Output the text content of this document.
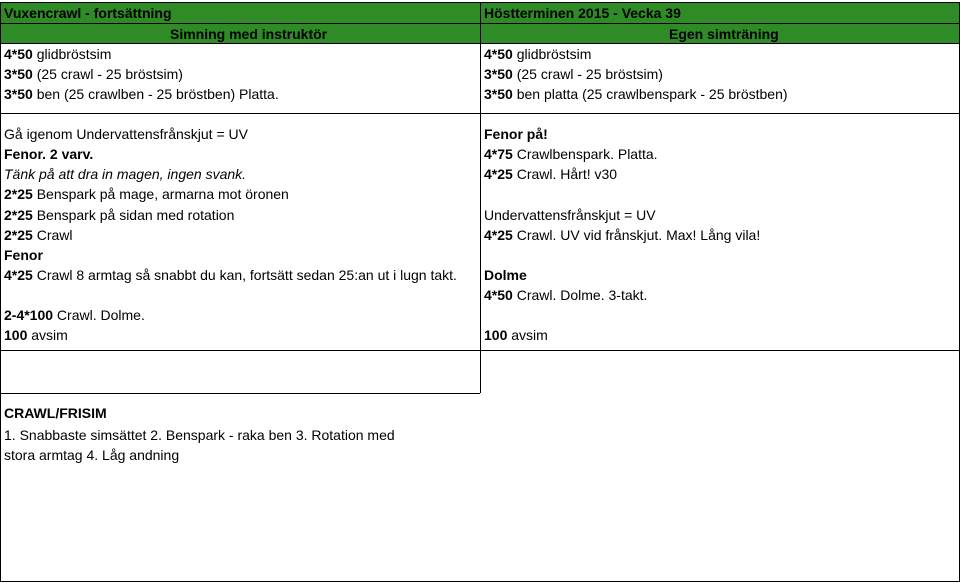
Vuxencrawl - fortsättning	Höstterminen 2015 - Vecka 39
Simning med instruktör	Egen simträning
4*50 glidbröstsim
3*50 (25 crawl - 25 bröstsim)
3*50 ben (25 crawlben - 25 bröstben) Platta.
4*50 glidbröstsim
3*50 (25 crawl - 25 bröstsim)
3*50 ben platta (25 crawlbenspark - 25 bröstben)
Gå igenom Undervattensfrånskjut = UV
Fenor. 2 varv.
Tänk på att dra in magen, ingen svank.
2*25 Benspark på mage, armarna mot öronen
2*25 Benspark på sidan med rotation
2*25 Crawl
Fenor
4*25 Crawl 8 armtag så snabbt du kan, fortsätt sedan 25:an ut i lugn takt.
2-4*100 Crawl. Dolme.
100 avsim
Fenor på!
4*75 Crawlbenspark. Platta.
4*25 Crawl. Hårt! v30
Undervattensfrånskjut = UV
4*25 Crawl. UV vid frånskjut. Max! Lång vila!
Dolme
4*50 Crawl. Dolme. 3-takt.
100 avsim
CRAWL/FRISIM
1. Snabbaste simsättet 2. Benspark - raka ben 3. Rotation med stora armtag 4. Låg andning
